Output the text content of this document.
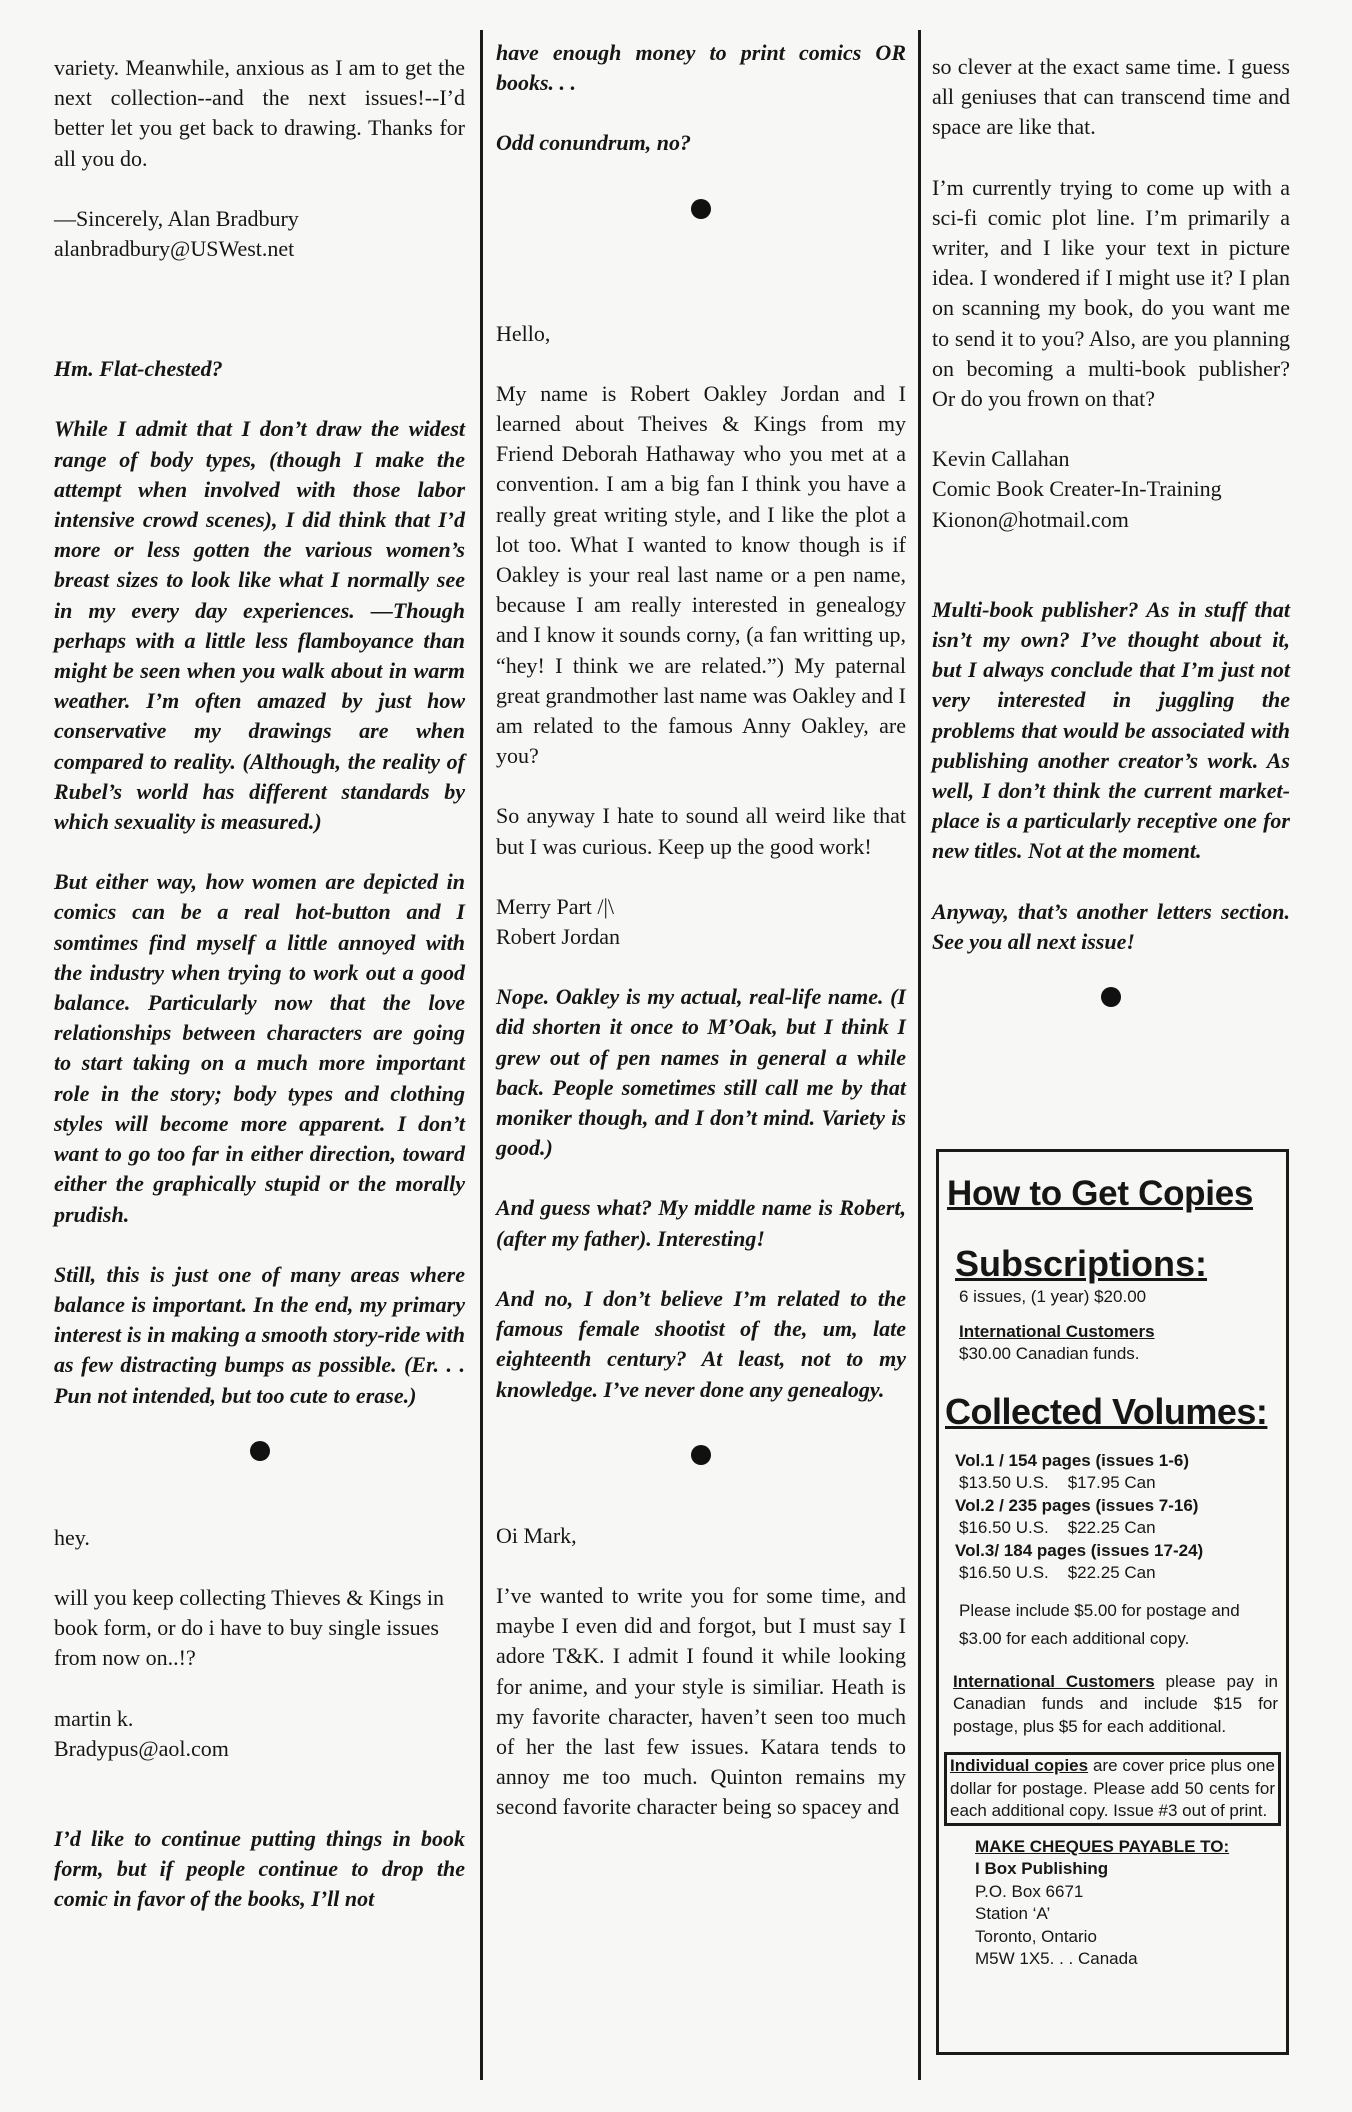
variety. Meanwhile, anxious as I am to get the next collection--and the next issues!--I’d better let you get back to drawing. Thanks for all you do.

—Sincerely, Alan Bradbury

alanbradbury@USWest.net

Hm. Flat-chested?

While I admit that I don’t draw the widest range of body types, (though I make the attempt when involved with those labor intensive crowd scenes), I did think that I’d more or less gotten the various women’s breast sizes to look like what I normally see in my every day experiences. —Though perhaps with a little less flamboyance than might be seen when you walk about in warm weather. I’m often amazed by just how conservative my drawings are when compared to reality. (Although, the reality of Rubel’s world has different standards by which sexuality is measured.)

But either way, how women are depicted in comics can be a real hot-button and I somtimes find myself a little annoyed with the industry when trying to work out a good balance. Particularly now that the love relationships between characters are going to start taking on a much more important role in the story; body types and clothing styles will become more apparent. I don’t want to go too far in either direction, toward either the graphically stupid or the morally prudish.

Still, this is just one of many areas where balance is important. In the end, my primary interest is in making a smooth story-ride with as few distracting bumps as possible. (Er. . . Pun not intended, but too cute to erase.)

hey.

will you keep collecting Thieves & Kings in book form, or do i have to buy single issues from now on..!?

martin k.

Bradypus@aol.com

I’d like to continue putting things in book form, but if people continue to drop the comic in favor of the books, I’ll not

have enough money to print comics OR books. . .

Odd conundrum, no?

Hello,

My name is Robert Oakley Jordan and I learned about Theives & Kings from my Friend Deborah Hathaway who you met at a convention. I am a big fan I think you have a really great writing style, and I like the plot a lot too. What I wanted to know though is if Oakley is your real last name or a pen name, because I am really interested in genealogy and I know it sounds corny, (a fan writting up, “hey! I think we are related.”) My paternal great grandmother last name was Oakley and I am related to the famous Anny Oakley, are you?

So anyway I hate to sound all weird like that but I was curious. Keep up the good work!

Merry Part /|\

Robert Jordan

Nope. Oakley is my actual, real-life name. (I did shorten it once to M’Oak, but I think I grew out of pen names in general a while back. People sometimes still call me by that moniker though, and I don’t mind. Variety is good.)

And guess what? My middle name is Robert, (after my father). Interesting!

And no, I don’t believe I’m related to the famous female shootist of the, um, late eighteenth century? At least, not to my knowledge. I’ve never done any genealogy.

Oi Mark,

I’ve wanted to write you for some time, and maybe I even did and forgot, but I must say I adore T&K. I admit I found it while looking for anime, and your style is similiar. Heath is my favorite character, haven’t seen too much of her the last few issues. Katara tends to annoy me too much. Quinton remains my second favorite character being so spacey and

so clever at the exact same time. I guess all geniuses that can transcend time and space are like that.

I’m currently trying to come up with a sci-fi comic plot line. I’m primarily a writer, and I like your text in picture idea. I wondered if I might use it? I plan on scanning my book, do you want me to send it to you? Also, are you planning on becoming a multi-book publisher? Or do you frown on that?

Kevin Callahan

Comic Book Creater-In-Training

Kionon@hotmail.com

Multi-book publisher? As in stuff that isn’t my own? I’ve thought about it, but I always conclude that I’m just not very interested in juggling the problems that would be associated with publishing another creator’s work. As well, I don’t think the current market-place is a particularly receptive one for new titles. Not at the moment.

Anyway, that’s another letters section. See you all next issue!

How to Get Copies
Subscriptions:
6 issues, (1 year) $20.00
International Customers
$30.00 Canadian funds.
Collected Volumes:
Vol.1 / 154 pages (issues 1-6)
$13.50 U.S. $17.95 Can
Vol.2 / 235 pages (issues 7-16)
$16.50 U.S. $22.25 Can
Vol.3/ 184 pages (issues 17-24)
$16.50 U.S. $22.25 Can
Please include $5.00 for postage and
$3.00 for each additional copy.
International Customers please pay in Canadian funds and include $15 for postage, plus $5 for each additional.
Individual copies are cover price plus one dollar for postage. Please add 50 cents for each additional copy. Issue #3 out of print.
MAKE CHEQUES PAYABLE TO:
I Box Publishing
P.O. Box 6671
Station ‘A’
Toronto, Ontario
M5W 1X5. . . Canada
